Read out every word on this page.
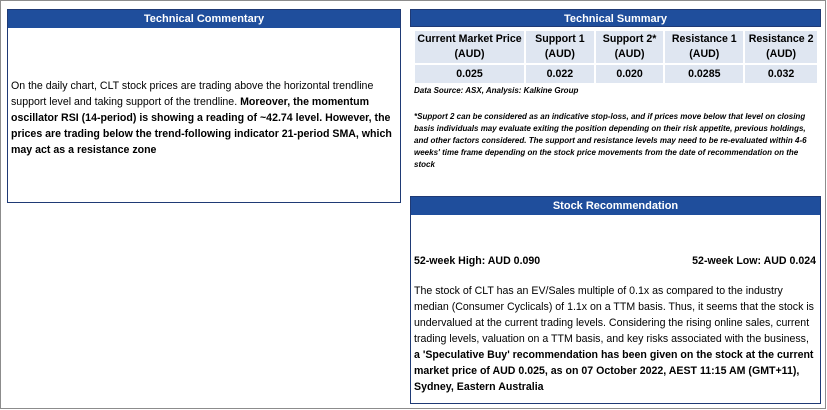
Technical Commentary
On the daily chart, CLT stock prices are trading above the horizontal trendline support level and taking support of the trendline. Moreover, the momentum oscillator RSI (14-period) is showing a reading of ~42.74 level. However, the prices are trading below the trend-following indicator 21-period SMA, which may act as a resistance zone
Technical Summary
Current Market Price (AUD)	Support 1 (AUD)	Support 2* (AUD)	Resistance 1 (AUD)	Resistance 2 (AUD)
0.025	0.022	0.020	0.0285	0.032
Data Source: ASX, Analysis: Kalkine Group
*Support 2 can be considered as an indicative stop-loss, and if prices move below that level on closing basis individuals may evaluate exiting the position depending on their risk appetite, previous holdings, and other factors considered. The support and resistance levels may need to be re-evaluated within 4-6 weeks' time frame depending on the stock price movements from the date of recommendation on the stock
Stock Recommendation
52-week High: AUD 0.090	52-week Low: AUD 0.024
The stock of CLT has an EV/Sales multiple of 0.1x as compared to the industry median (Consumer Cyclicals) of 1.1x on a TTM basis. Thus, it seems that the stock is undervalued at the current trading levels. Considering the rising online sales, current trading levels, valuation on a TTM basis, and key risks associated with the business, a 'Speculative Buy' recommendation has been given on the stock at the current market price of AUD 0.025, as on 07 October 2022, AEST 11:15 AM (GMT+11), Sydney, Eastern Australia
